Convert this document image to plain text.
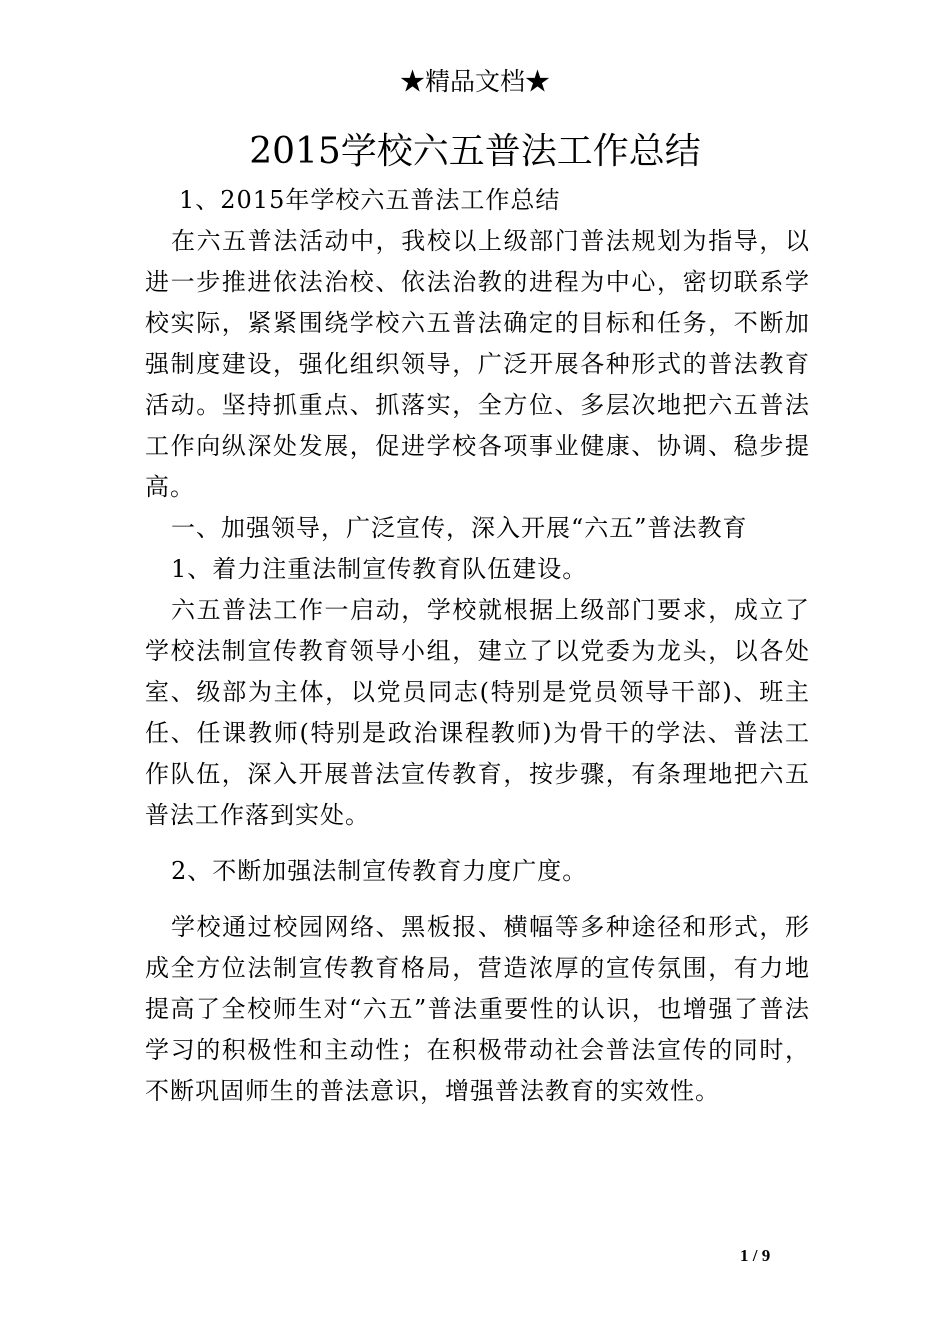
★精品文档★
2015学校六五普法工作总结

1、2015年学校六五普法工作总结

在六五普法活动中，我校以上级部门普法规划为指导，以进一步推进依法治校、依法治教的进程为中心，密切联系学校实际，紧紧围绕学校六五普法确定的目标和任务，不断加强制度建设，强化组织领导，广泛开展各种形式的普法教育活动。坚持抓重点、抓落实，全方位、多层次地把六五普法工作向纵深处发展，促进学校各项事业健康、协调、稳步提高。

一、加强领导，广泛宣传，深入开展“六五”普法教育

1、着力注重法制宣传教育队伍建设。

六五普法工作一启动，学校就根据上级部门要求，成立了学校法制宣传教育领导小组，建立了以党委为龙头，以各处室、级部为主体，以党员同志(特别是党员领导干部)、班主任、任课教师(特别是政治课程教师)为骨干的学法、普法工作队伍，深入开展普法宣传教育，按步骤，有条理地把六五普法工作落到实处。

2、不断加强法制宣传教育力度广度。

学校通过校园网络、黑板报、横幅等多种途径和形式，形成全方位法制宣传教育格局，营造浓厚的宣传氛围，有力地提高了全校师生对“六五”普法重要性的认识，也增强了普法学习的积极性和主动性；在积极带动社会普法宣传的同时，不断巩固师生的普法意识，增强普法教育的实效性。

1 / 9
